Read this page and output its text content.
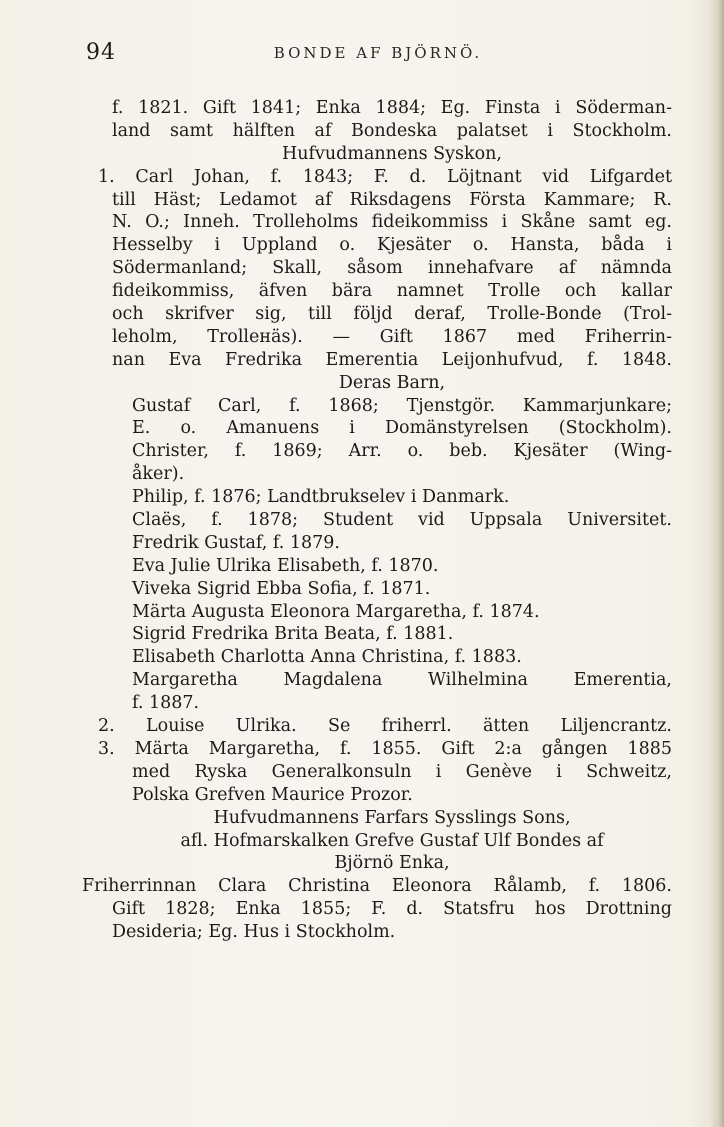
94	BONDE AF BJÖRNÖ.
f. 1821. Gift 1841; Enka 1884; Eg. Finsta i Söderman-
land samt hälften af Bondeska palatset i Stockholm.
Hufvudmannens Syskon,
1. Carl Johan, f. 1843; F. d. Löjtnant vid Lifgardet
till Häst; Ledamot af Riksdagens Första Kammare; R.
N. O.; Inneh. Trolleholms fideikommiss i Skåne samt eg.
Hesselby i Uppland o. Kjesäter o. Hansta, båda i
Södermanland; Skall, såsom innehafvare af nämnda
fideikommiss, äfven bära namnet Trolle och kallar
och skrifver sig, till följd deraf, Trolle-Bonde (Trol-
leholm, Trolleнäs). — Gift 1867 med Friherrin-
nan Eva Fredrika Emerentia Leijonhufvud, f. 1848.
Deras Barn,
Gustaf Carl, f. 1868; Tjenstgör. Kammarjunkare;
E. o. Amanuens i Domänstyrelsen (Stockholm).
Christer, f. 1869; Arr. o. beb. Kjesäter (Wing-
åker).
Philip, f. 1876; Landtbrukselev i Danmark.
Claës, f. 1878; Student vid Uppsala Universitet.
Fredrik Gustaf, f. 1879.
Eva Julie Ulrika Elisabeth, f. 1870.
Viveka Sigrid Ebba Sofia, f. 1871.
Märta Augusta Eleonora Margaretha, f. 1874.
Sigrid Fredrika Brita Beata, f. 1881.
Elisabeth Charlotta Anna Christina, f. 1883.
Margaretha Magdalena Wilhelmina Emerentia,
f. 1887.
2. Louise Ulrika. Se friherrl. ätten Liljencrantz.
3. Märta Margaretha, f. 1855. Gift 2:a gången 1885
med Ryska Generalkonsuln i Genève i Schweitz,
Polska Grefven Maurice Prozor.
Hufvudmannens Farfars Sysslings Sons,
afl. Hofmarskalken Grefve Gustaf Ulf Bondes af
Björnö Enka,
Friherrinnan Clara Christina Eleonora Rålamb, f. 1806.
Gift 1828; Enka 1855; F. d. Statsfru hos Drottning
Desideria; Eg. Hus i Stockholm.
